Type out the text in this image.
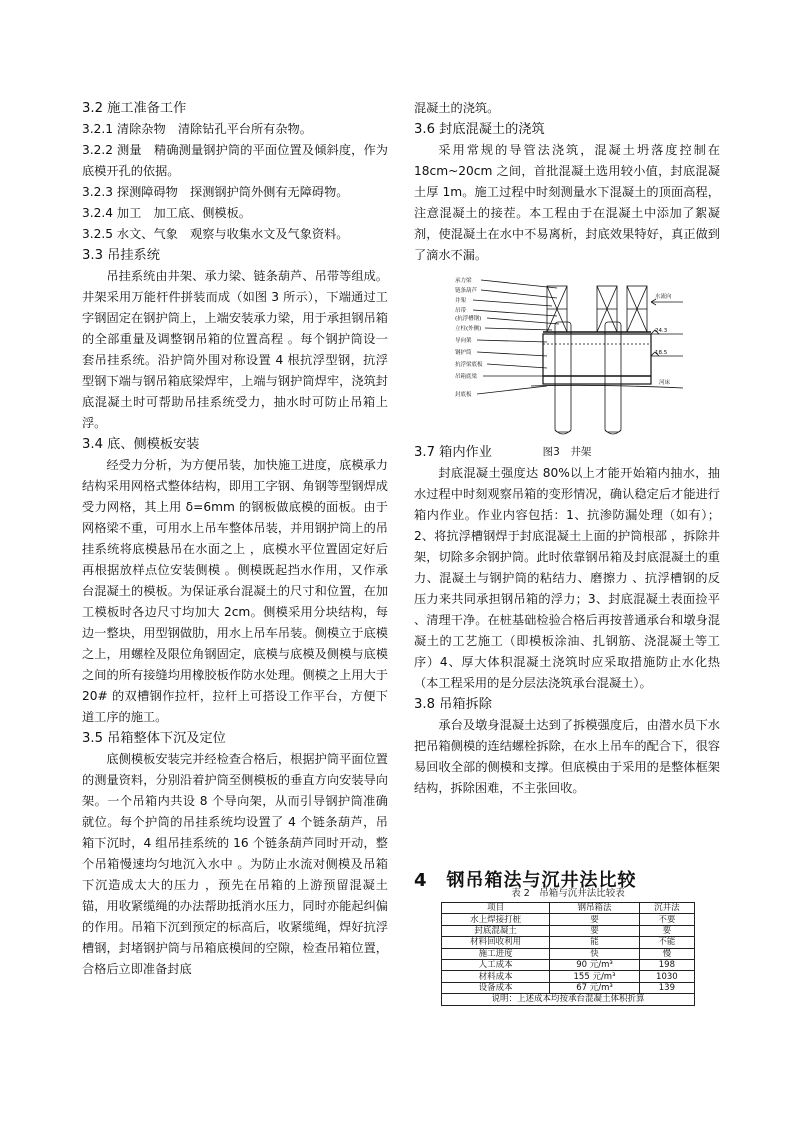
3.2 施工准备工作

3.2.1 清除杂物　清除钻孔平台所有杂物。

3.2.2 测量　精确测量钢护筒的平面位置及倾斜度，作为底模开孔的依据。

3.2.3 探测障碍物　探测钢护筒外侧有无障碍物。

3.2.4 加工　加工底、侧模板。

3.2.5 水文、气象　观察与收集水文及气象资料。

3.3 吊挂系统

吊挂系统由井架、承力梁、链条葫芦、吊带等组成。井架采用万能杆件拼装而成（如图 3 所示），下端通过工字钢固定在钢护筒上，上端安装承力梁，用于承担钢吊箱的全部重量及调整钢吊箱的位置高程 。每个钢护筒设一套吊挂系统。沿护筒外围对称设置 4 根抗浮型钢，抗浮型钢下端与钢吊箱底梁焊牢，上端与钢护筒焊牢，浇筑封底混凝土时可帮助吊挂系统受力，抽水时可防止吊箱上浮。

3.4 底、侧模板安装

经受力分析，为方便吊装，加快施工进度，底模承力结构采用网格式整体结构，即用工字钢、角钢等型钢焊成受力网格，其上用 δ=6mm 的钢板做底模的面板。由于网格梁不重，可用水上吊车整体吊装，并用钢护筒上的吊挂系统将底模悬吊在水面之上 ，底模水平位置固定好后再根据放样点位安装侧模 。侧模既起挡水作用，又作承台混凝土的模板。为保证承台混凝土的尺寸和位置，在加工模板时各边尺寸均加大 2cm。侧模采用分块结构，每边一整块，用型钢做肋，用水上吊车吊装。侧模立于底模之上，用螺栓及限位角钢固定，底模与底模及侧模与底模之间的所有接缝均用橡胶板作防水处理。侧模之上用大于 20# 的双槽钢作拉杆，拉杆上可搭设工作平台，方便下道工序的施工。

3.5 吊箱整体下沉及定位

底侧模板安装完并经检查合格后，根据护筒平面位置的测量资料，分别沿着护筒至侧模板的垂直方向安装导向架。一个吊箱内共设 8 个导向架，从而引导钢护筒准确就位。每个护筒的吊挂系统均设置了 4 个链条葫芦，吊箱下沉时，4 组吊挂系统的 16 个链条葫芦同时开动，整个吊箱慢速均匀地沉入水中 。为防止水流对侧模及吊箱下沉造成太大的压力 ，预先在吊箱的上游预留混凝土锚，用收紧缆绳的办法帮助抵消水压力，同时亦能起纠偏的作用。吊箱下沉到预定的标高后，收紧缆绳，焊好抗浮槽钢，封堵钢护筒与吊箱底模间的空隙，检查吊箱位置，合格后立即准备封底

混凝土的浇筑。

3.6 封底混凝土的浇筑

采用常规的导管法浇筑，混凝土坍落度控制在 18cm~20cm 之间，首批混凝土选用较小值，封底混凝土厚 1m。施工过程中时刻测量水下混凝土的顶面高程，注意混凝土的接茬。本工程由于在混凝土中添加了絮凝剂，使混凝土在水中不易离析，封底效果特好，真正做到了滴水不漏。

承力梁
链条葫芦
井架
吊带
(抗浮槽钢)
立柱(外侧)
导向架
钢护筒
抗浮梁底板
吊箱底梁
封底板
水流向
24.3
18.5
河床
图3　井架

3.7 箱内作业

封底混凝土强度达 80%以上才能开始箱内抽水，抽水过程中时刻观察吊箱的变形情况，确认稳定后才能进行箱内作业。作业内容包括：1、抗渗防漏处理（如有）；2、将抗浮槽钢焊于封底混凝土上面的护筒根部 ，拆除井架，切除多余钢护筒。此时依靠钢吊箱及封底混凝土的重力、混凝土与钢护筒的粘结力、磨擦力 、抗浮槽钢的反压力来共同承担钢吊箱的浮力；3、封底混凝土表面捡平 、清理干净。在桩基础检验合格后再按普通承台和墩身混凝土的工艺施工（即模板涂油、扎钢筋、浇混凝土等工序）4、厚大体积混凝土浇筑时应采取措施防止水化热（本工程采用的是分层法浇筑承台混凝土）。

3.8 吊箱拆除

承台及墩身混凝土达到了拆模强度后，由潜水员下水把吊箱侧模的连结螺栓拆除，在水上吊车的配合下，很容易回收全部的侧模和支撑。但底模由于采用的是整体框架结构，拆除困难，不主张回收。

4　钢吊箱法与沉井法比较

表 2　吊箱与沉井法比较表
项目	钢吊箱法	沉井法
水上焊接打桩	要	不要
封底混凝土	要	要
材料回收利用	能	不能
施工进度	快	慢
人工成本	90 元/m³	198
材料成本	155 元/m³	1030
设备成本	67 元/m³	139
说明：上述成本均按承台混凝土体积折算		
